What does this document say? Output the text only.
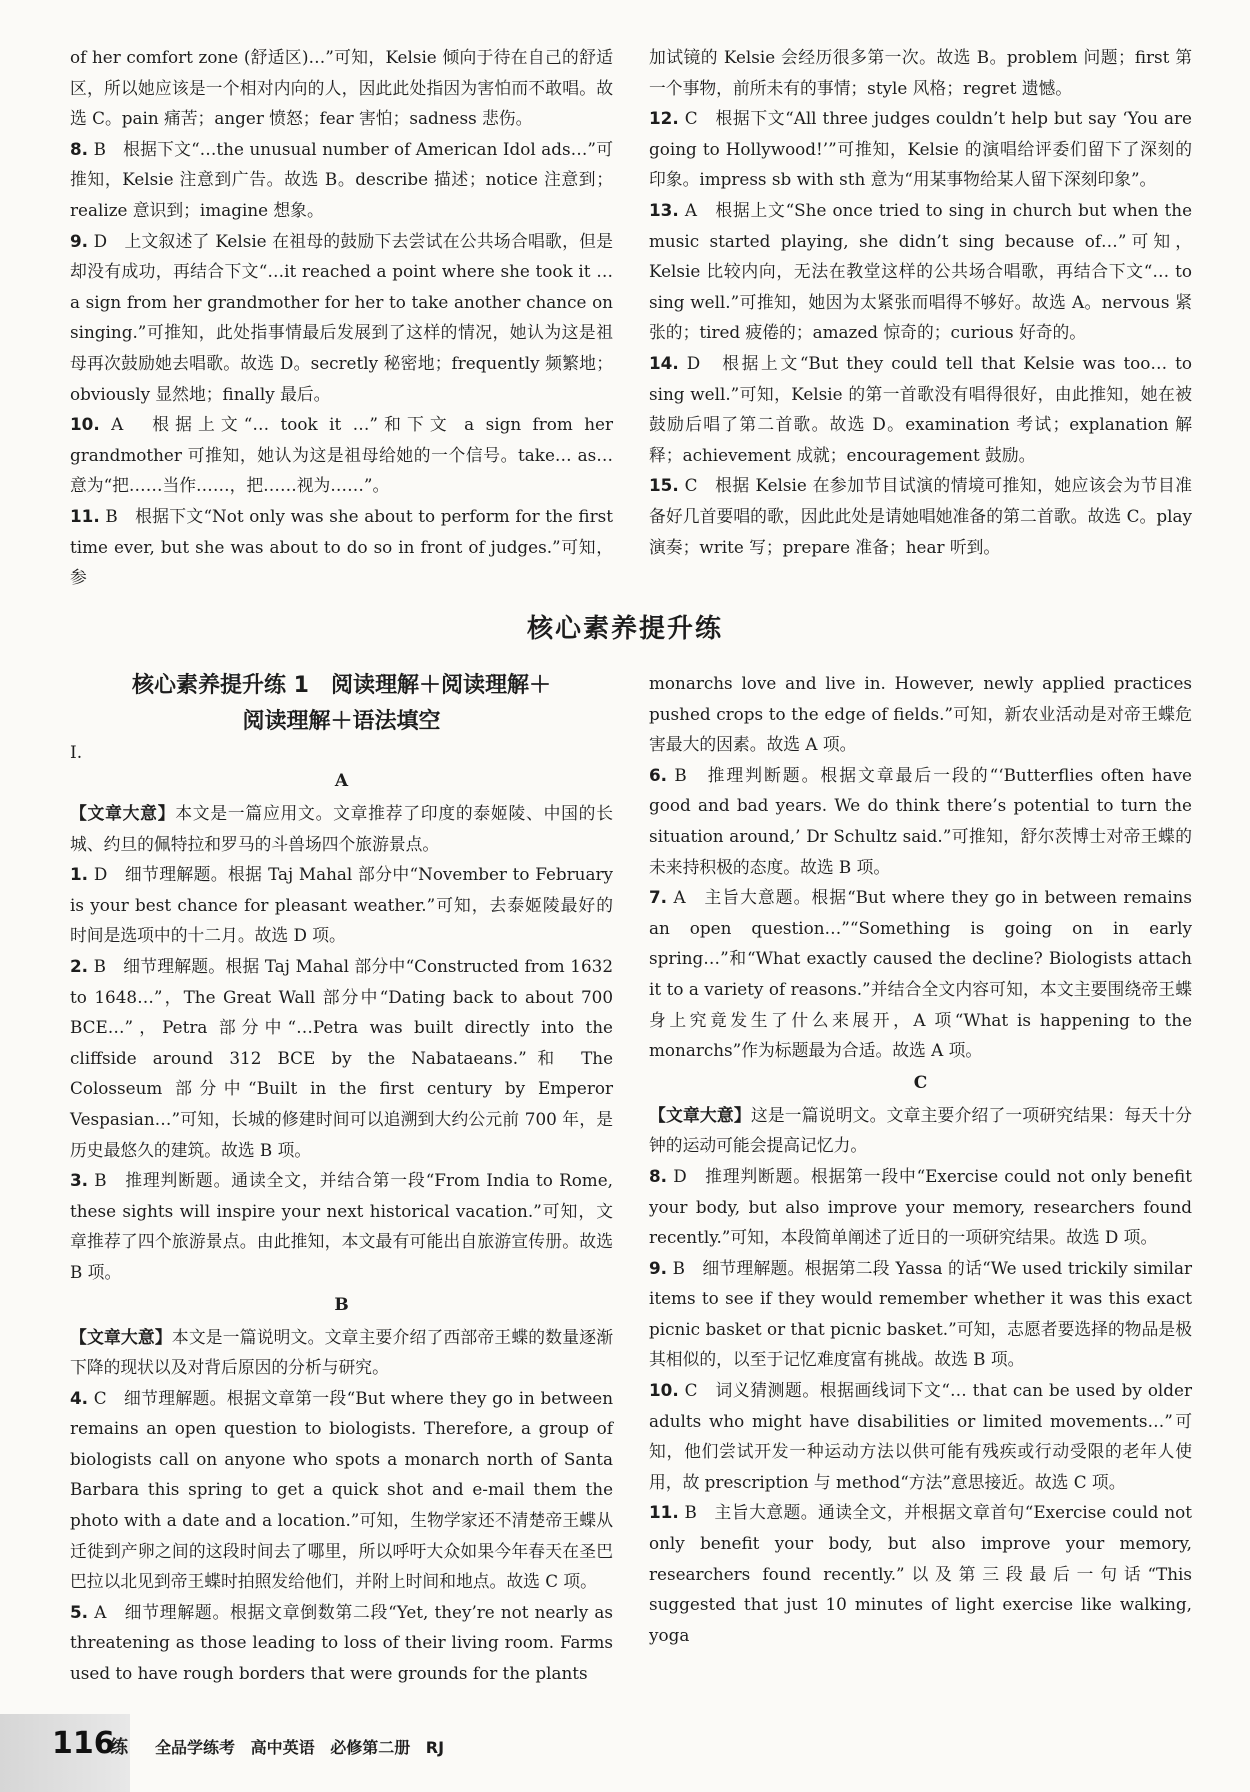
of her comfort zone (舒适区)…”可知，Kelsie 倾向于待在自己的舒适区，所以她应该是一个相对内向的人，因此此处指因为害怕而不敢唱。故选 C。pain 痛苦；anger 愤怒；fear 害怕；sadness 悲伤。

8. B　根据下文“…the unusual number of American Idol ads…”可推知，Kelsie 注意到广告。故选 B。describe 描述；notice 注意到；realize 意识到；imagine 想象。

9. D　上文叙述了 Kelsie 在祖母的鼓励下去尝试在公共场合唱歌，但是却没有成功，再结合下文“…it reached a point where she took it … a sign from her grandmother for her to take another chance on singing.”可推知，此处指事情最后发展到了这样的情况，她认为这是祖母再次鼓励她去唱歌。故选 D。secretly 秘密地；frequently 频繁地；obviously 显然地；finally 最后。

10. A　根据上文“… took it …”和下文 a sign from her grandmother 可推知，她认为这是祖母给她的一个信号。take… as…意为“把……当作……，把……视为……”。

11. B　根据下文“Not only was she about to perform for the first time ever, but she was about to do so in front of judges.”可知，参

加试镜的 Kelsie 会经历很多第一次。故选 B。problem 问题；first 第一个事物，前所未有的事情；style 风格；regret 遗憾。

12. C　根据下文“All three judges couldn’t help but say ‘You are going to Hollywood!’”可推知，Kelsie 的演唱给评委们留下了深刻的印象。impress sb with sth 意为“用某事物给某人留下深刻印象”。

13. A　根据上文“She once tried to sing in church but when the music started playing, she didn’t sing because of…”可知，Kelsie 比较内向，无法在教堂这样的公共场合唱歌，再结合下文“… to sing well.”可推知，她因为太紧张而唱得不够好。故选 A。nervous 紧张的；tired 疲倦的；amazed 惊奇的；curious 好奇的。

14. D　根据上文“But they could tell that Kelsie was too… to sing well.”可知，Kelsie 的第一首歌没有唱得很好，由此推知，她在被鼓励后唱了第二首歌。故选 D。examination 考试；explanation 解释；achievement 成就；encouragement 鼓励。

15. C　根据 Kelsie 在参加节目试演的情境可推知，她应该会为节目准备好几首要唱的歌，因此此处是请她唱她准备的第二首歌。故选 C。play 演奏；write 写；prepare 准备；hear 听到。

核心素养提升练
核心素养提升练 1　阅读理解＋阅读理解＋
阅读理解＋语法填空

Ⅰ.

A

【文章大意】本文是一篇应用文。文章推荐了印度的泰姬陵、中国的长城、约旦的佩特拉和罗马的斗兽场四个旅游景点。

1. D　细节理解题。根据 Taj Mahal 部分中“November to February is your best chance for pleasant weather.”可知，去泰姬陵最好的时间是选项中的十二月。故选 D 项。

2. B　细节理解题。根据 Taj Mahal 部分中“Constructed from 1632 to 1648…”，The Great Wall 部分中“Dating back to about 700 BCE…”，Petra 部分中“…Petra was built directly into the cliffside around 312 BCE by the Nabataeans.”和 The Colosseum 部分中“Built in the first century by Emperor Vespasian…”可知，长城的修建时间可以追溯到大约公元前 700 年，是历史最悠久的建筑。故选 B 项。

3. B　推理判断题。通读全文，并结合第一段“From India to Rome, these sights will inspire your next historical vacation.”可知，文章推荐了四个旅游景点。由此推知，本文最有可能出自旅游宣传册。故选 B 项。

B

【文章大意】本文是一篇说明文。文章主要介绍了西部帝王蝶的数量逐渐下降的现状以及对背后原因的分析与研究。

4. C　细节理解题。根据文章第一段“But where they go in between remains an open question to biologists. Therefore, a group of biologists call on anyone who spots a monarch north of Santa Barbara this spring to get a quick shot and e-mail them the photo with a date and a location.”可知，生物学家还不清楚帝王蝶从迁徙到产卵之间的这段时间去了哪里，所以呼吁大众如果今年春天在圣巴巴拉以北见到帝王蝶时拍照发给他们，并附上时间和地点。故选 C 项。

5. A　细节理解题。根据文章倒数第二段“Yet, they’re not nearly as threatening as those leading to loss of their living room. Farms used to have rough borders that were grounds for the plants

monarchs love and live in. However, newly applied practices pushed crops to the edge of fields.”可知，新农业活动是对帝王蝶危害最大的因素。故选 A 项。

6. B　推理判断题。根据文章最后一段的“‘Butterflies often have good and bad years. We do think there’s potential to turn the situation around,’ Dr Schultz said.”可推知，舒尔茨博士对帝王蝶的未来持积极的态度。故选 B 项。

7. A　主旨大意题。根据“But where they go in between remains an open question…”“Something is going on in early spring…”和“What exactly caused the decline? Biologists attach it to a variety of reasons.”并结合全文内容可知，本文主要围绕帝王蝶身上究竟发生了什么来展开，A 项“What is happening to the monarchs”作为标题最为合适。故选 A 项。

C

【文章大意】这是一篇说明文。文章主要介绍了一项研究结果：每天十分钟的运动可能会提高记忆力。

8. D　推理判断题。根据第一段中“Exercise could not only benefit your body, but also improve your memory, researchers found recently.”可知，本段简单阐述了近日的一项研究结果。故选 D 项。

9. B　细节理解题。根据第二段 Yassa 的话“We used trickily similar items to see if they would remember whether it was this exact picnic basket or that picnic basket.”可知，志愿者要选择的物品是极其相似的，以至于记忆难度富有挑战。故选 B 项。

10. C　词义猜测题。根据画线词下文“… that can be used by older adults who might have disabilities or limited movements…”可知，他们尝试开发一种运动方法以供可能有残疾或行动受限的老年人使用，故 prescription 与 method“方法”意思接近。故选 C 项。

11. B　主旨大意题。通读全文，并根据文章首句“Exercise could not only benefit your body, but also improve your memory, researchers found recently.”以及第三段最后一句话“This suggested that just 10 minutes of light exercise like walking, yoga

116
练 全品学练考 高中英语 必修第二册 RJ
